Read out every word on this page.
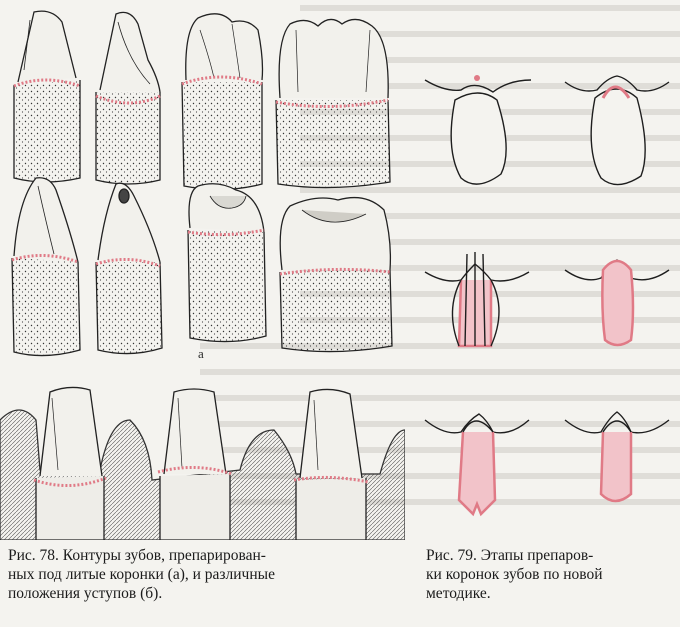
а
Рис. 78. Контуры зубов, препарирован-
ных под литые коронки (а), и различные
положения уступов (б).
Рис. 79. Этапы препаров-
ки коронок зубов по новой
методике.
